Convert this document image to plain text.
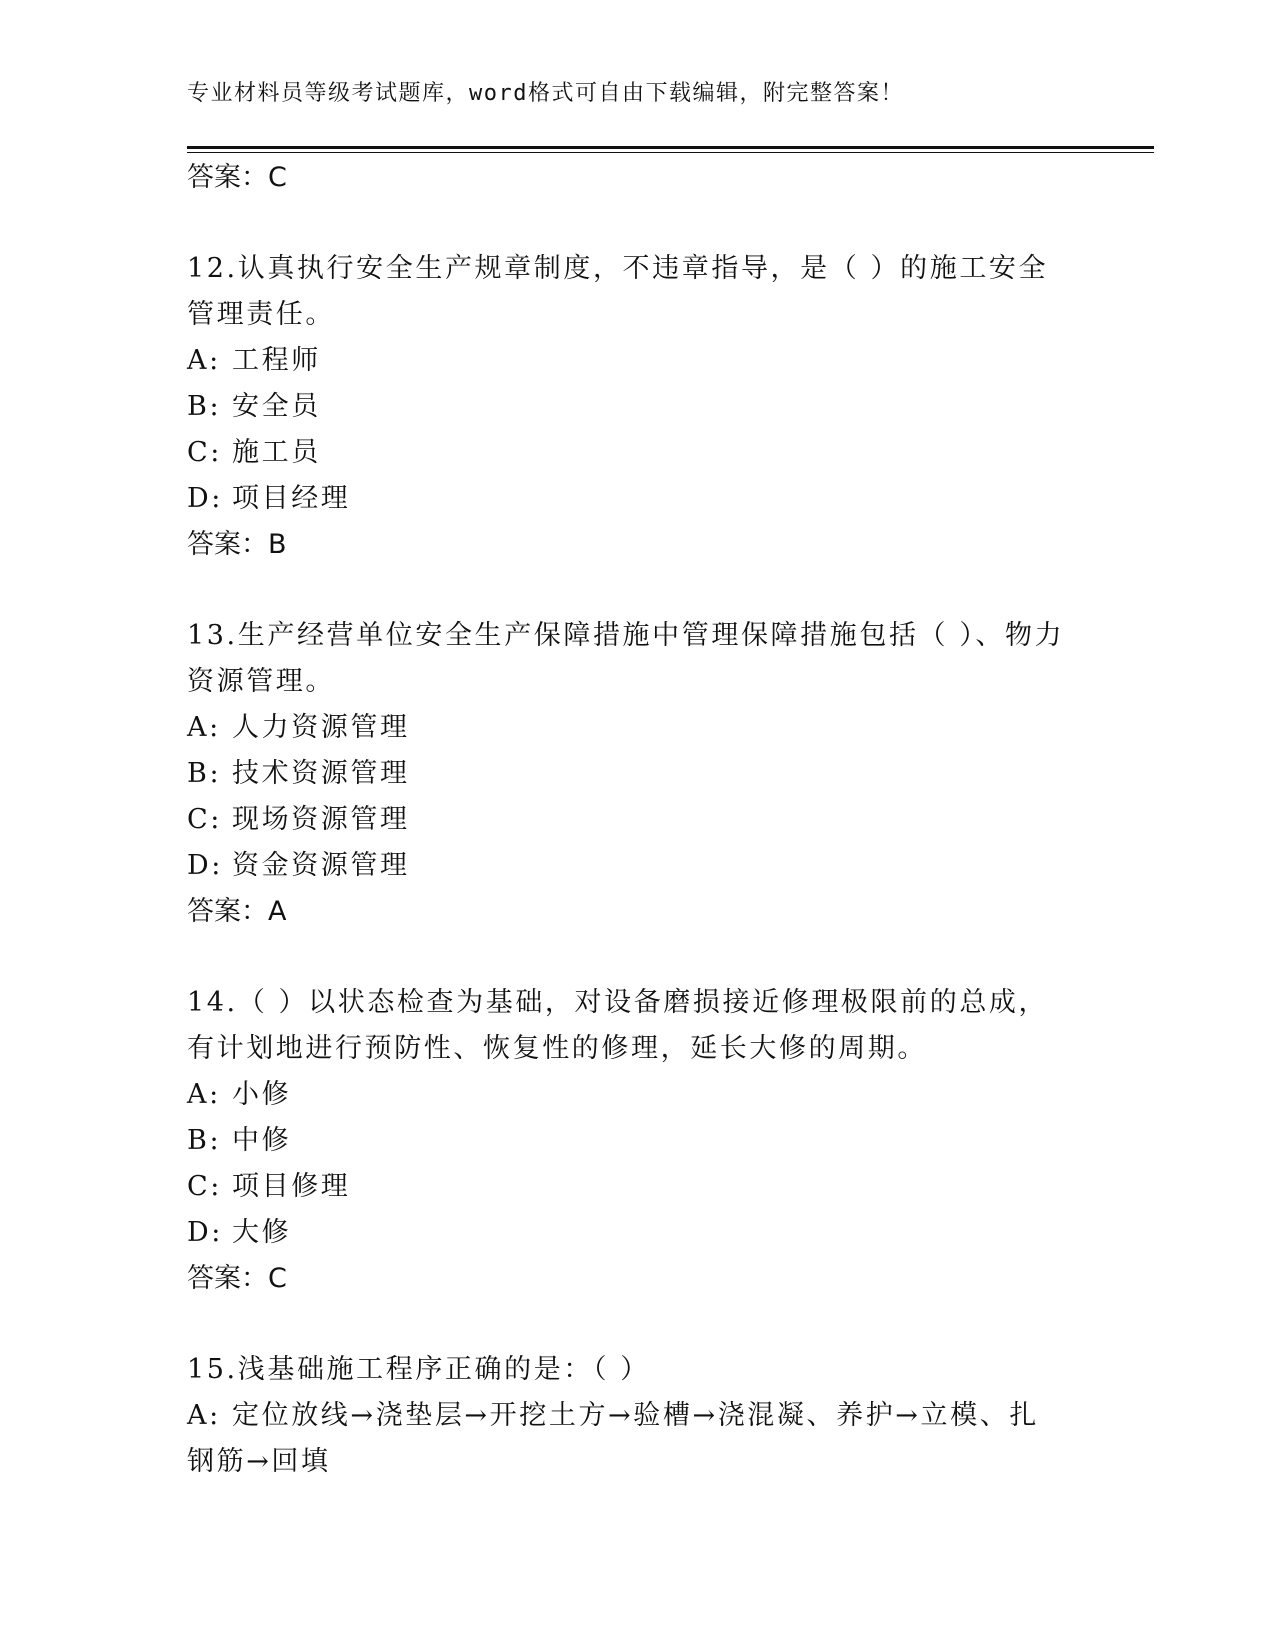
专业材料员等级考试题库，word格式可自由下载编辑，附完整答案！
答案：C
12.认真执行安全生产规章制度，不违章指导，是（ ）的施工安全管理责任。
A: 工程师
B: 安全员
C: 施工员
D: 项目经理
答案：B
13.生产经营单位安全生产保障措施中管理保障措施包括（ ）、物力资源管理。
A: 人力资源管理
B: 技术资源管理
C: 现场资源管理
D: 资金资源管理
答案：A
14.（ ）以状态检查为基础，对设备磨损接近修理极限前的总成，有计划地进行预防性、恢复性的修理，延长大修的周期。
A: 小修
B: 中修
C: 项目修理
D: 大修
答案：C
15.浅基础施工程序正确的是：（ ）
A: 定位放线→浇垫层→开挖土方→验槽→浇混凝、养护→立模、扎钢筋→回填
